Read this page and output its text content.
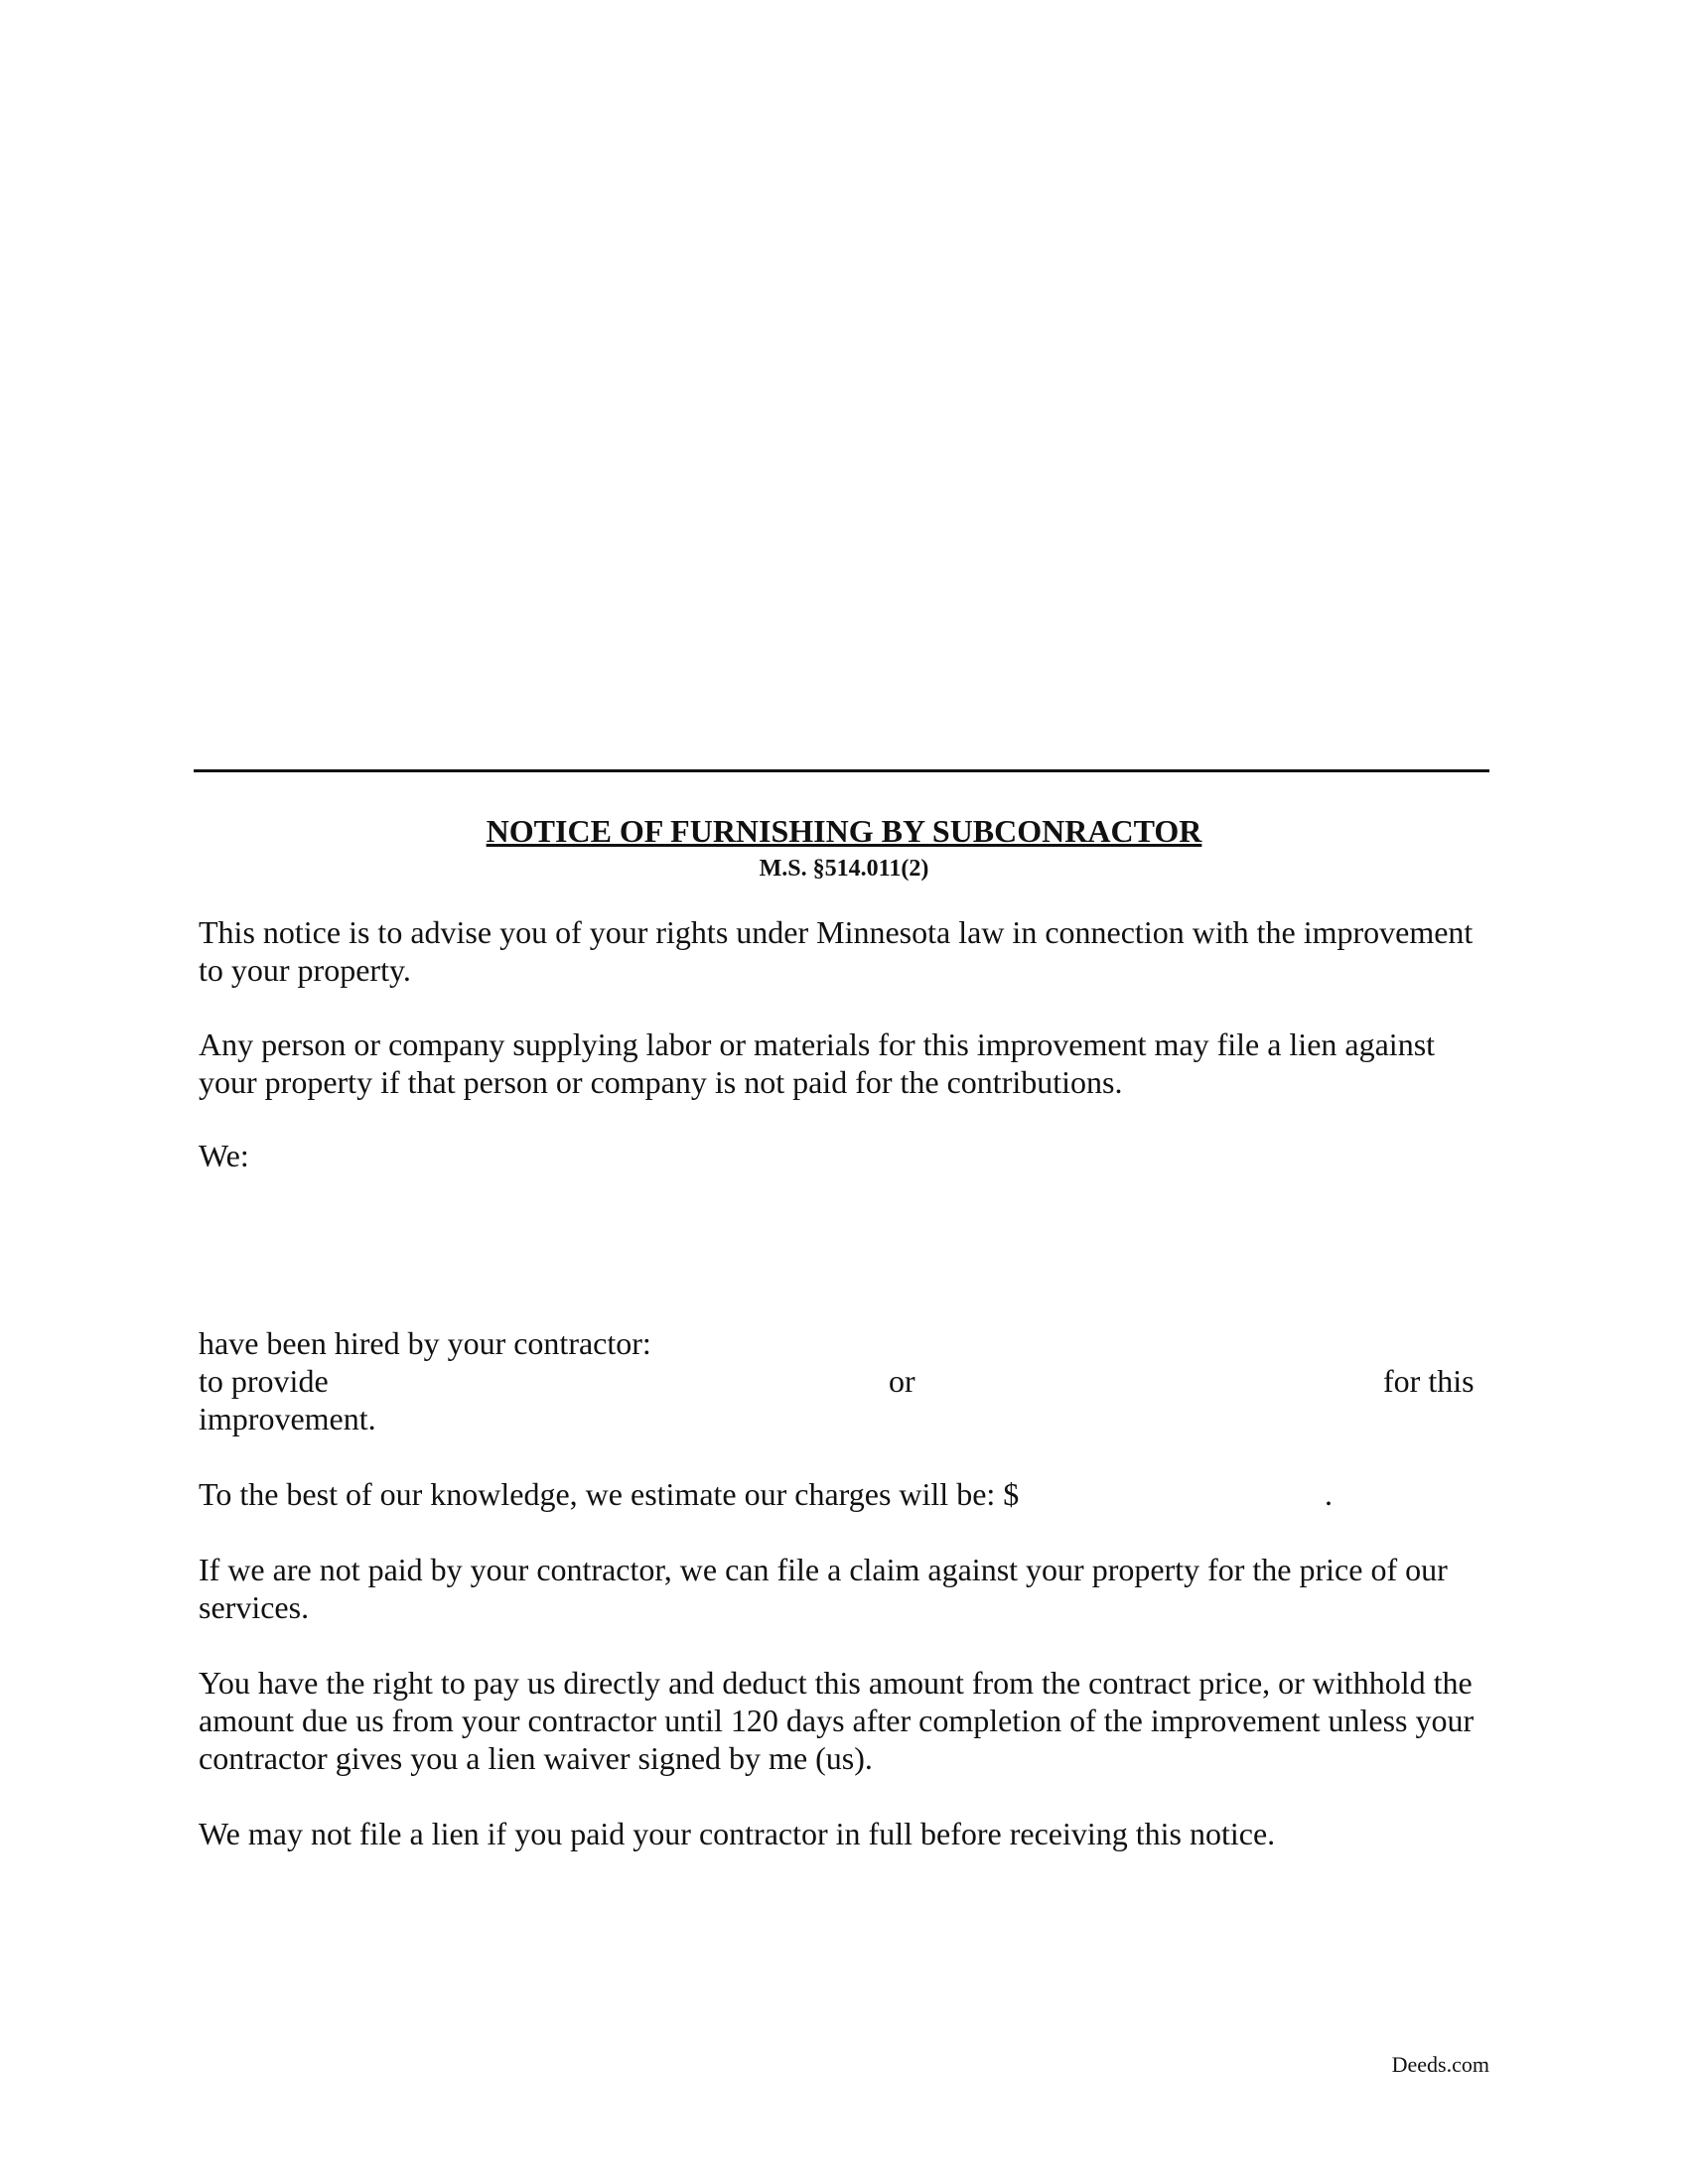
NOTICE OF FURNISHING BY SUBCONRACTOR
M.S. §514.011(2)

This notice is to advise you of your rights under Minnesota law in connection with the improvement to your property.

Any person or company supplying labor or materials for this improvement may file a lien against your property if that person or company is not paid for the contributions.

We:
have been hired by your contractor:
to provide	or	for this
improvement.
To the best of our knowledge, we estimate our charges will be: $	.

If we are not paid by your contractor, we can file a claim against your property for the price of our services.

You have the right to pay us directly and deduct this amount from the contract price, or withhold the amount due us from your contractor until 120 days after completion of the improvement unless your contractor gives you a lien waiver signed by me (us).

We may not file a lien if you paid your contractor in full before receiving this notice.

Deeds.com
